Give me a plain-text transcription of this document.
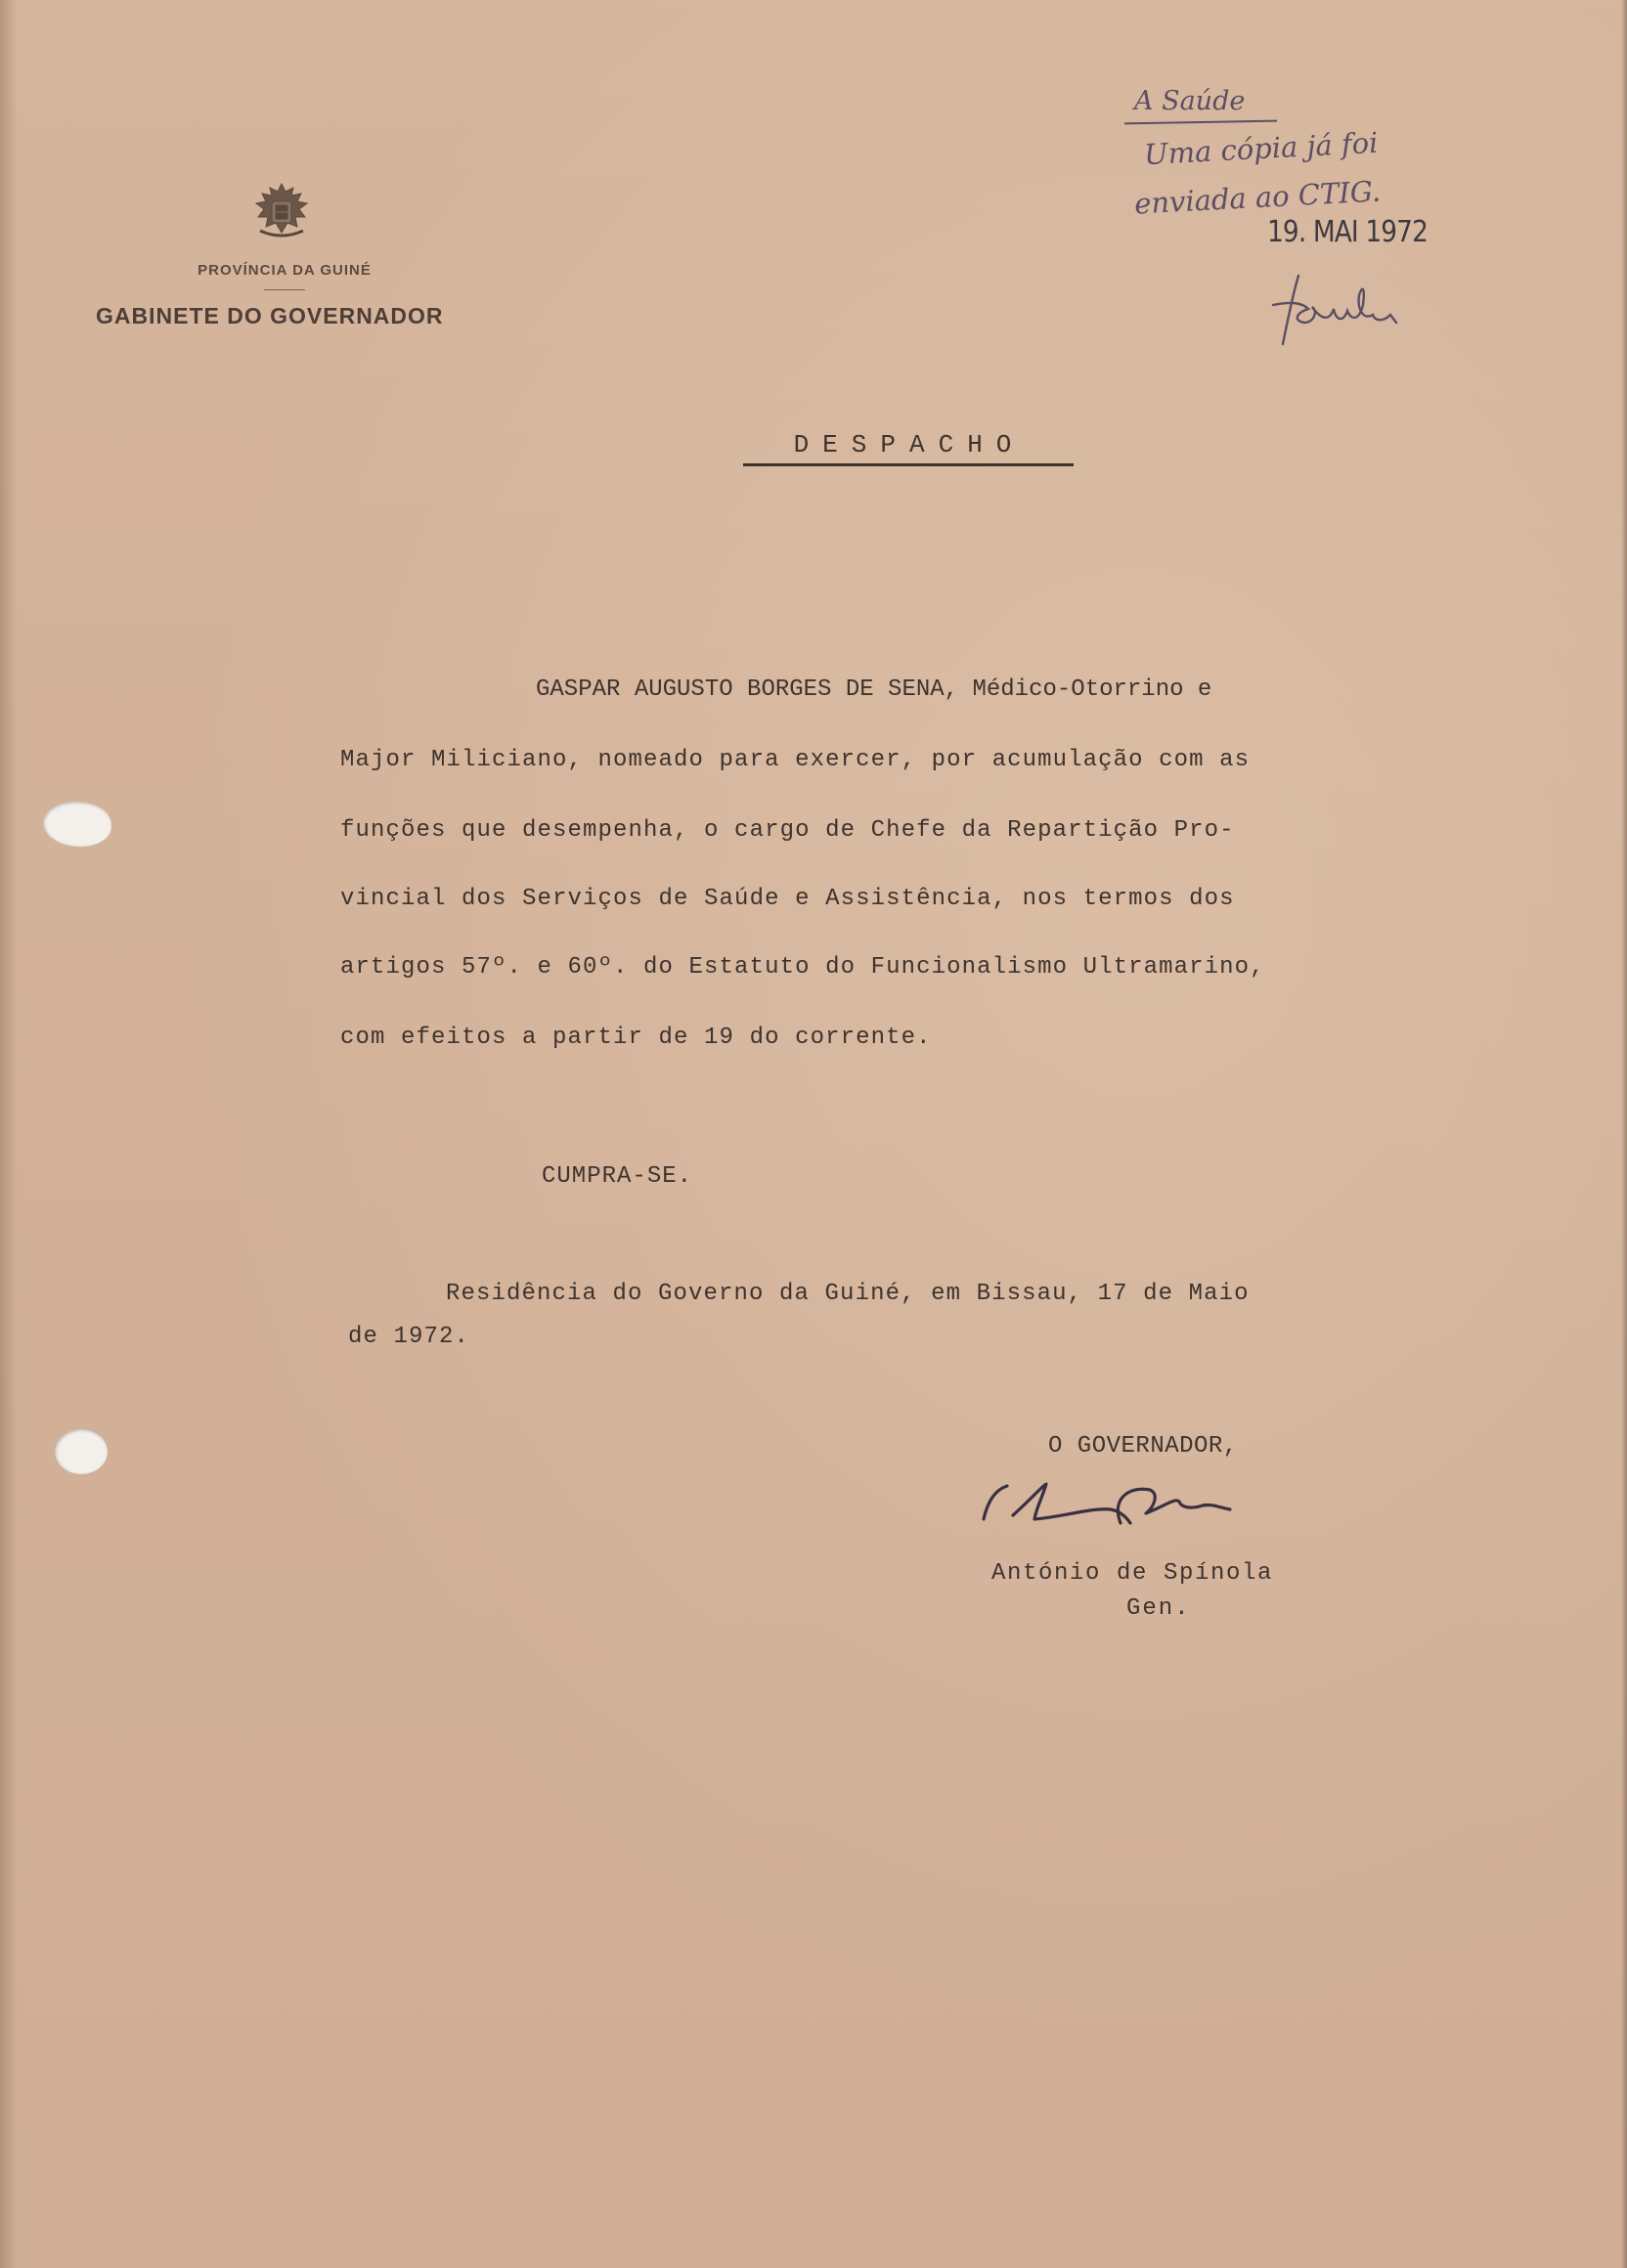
PROVÍNCIA DA GUINÉ
GABINETE DO GOVERNADOR
A Saúde
Uma cópia já foi
enviada ao CTIG.
19. MAI 1972
DESPACHO
GASPAR AUGUSTO BORGES DE SENA, Médico-Otorrino e
Major Miliciano, nomeado para exercer, por acumulação com as
funções que desempenha, o cargo de Chefe da Repartição Pro-
vincial dos Serviços de Saúde e Assistência, nos termos dos
artigos 57º. e 60º. do Estatuto do Funcionalismo Ultramarino,
com efeitos a partir de 19 do corrente.
CUMPRA-SE.
Residência do Governo da Guiné, em Bissau, 17 de Maio
de 1972.
O GOVERNADOR,
António de Spínola
Gen.
